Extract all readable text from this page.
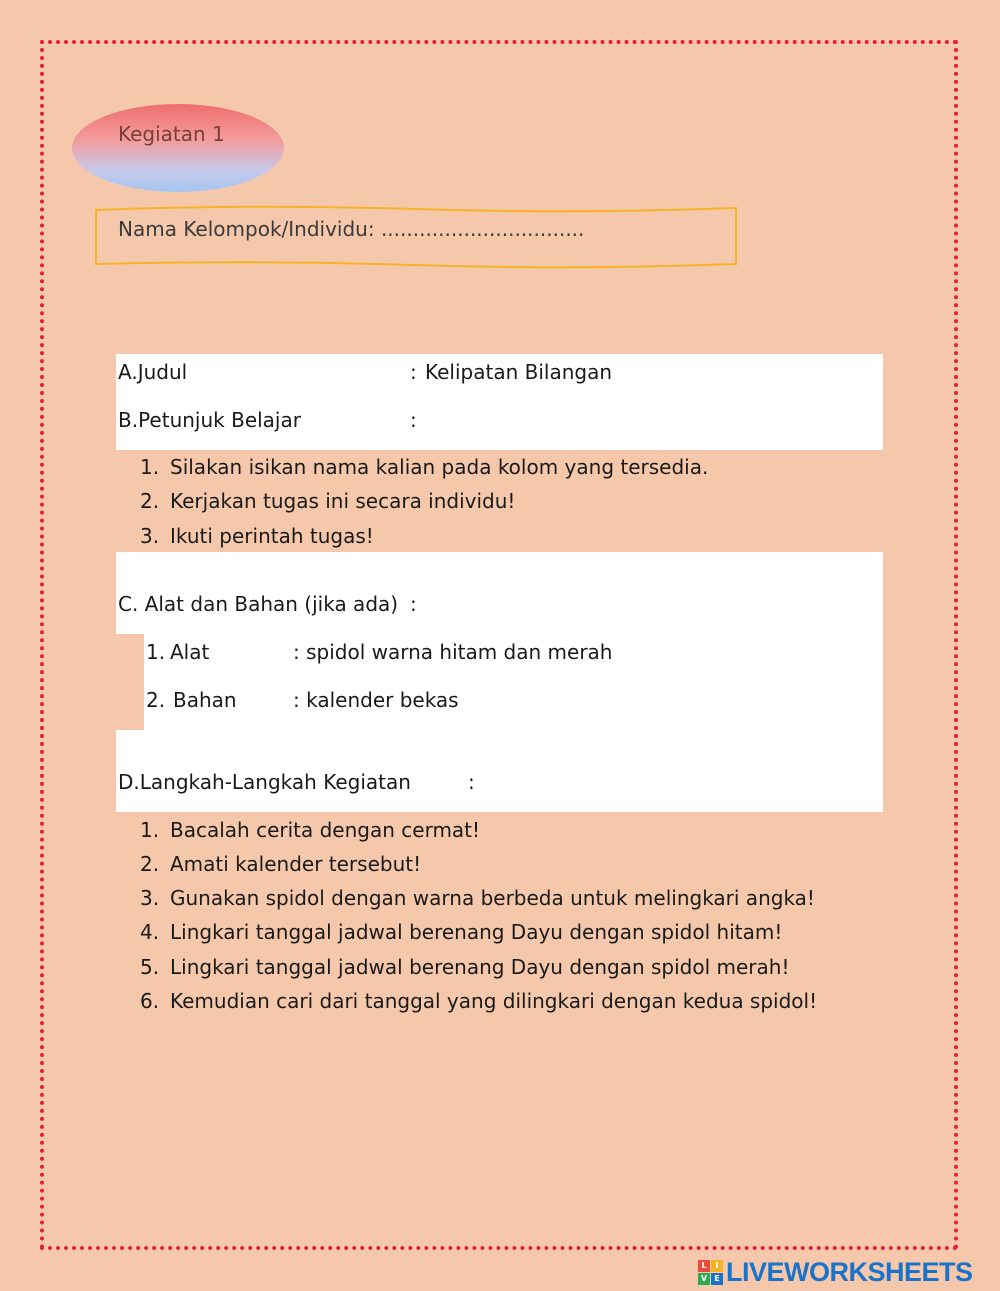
Kegiatan 1
Nama Kelompok/Individu: ................................
A.Judul	: Kelipatan Bilangan
B.Petunjuk Belajar	:
1. Silakan isikan nama kalian pada kolom yang tersedia.
2. Kerjakan tugas ini secara individu!
3. Ikuti perintah tugas!
C. Alat dan Bahan (jika ada) :
1. Alat	: spidol warna hitam dan merah
2. Bahan	: kalender bekas
D.Langkah-Langkah Kegiatan	:
1. Bacalah cerita dengan cermat!
2. Amati kalender tersebut!
3. Gunakan spidol dengan warna berbeda untuk melingkari angka!
4. Lingkari tanggal jadwal berenang Dayu dengan spidol hitam!
5. Lingkari tanggal jadwal berenang Dayu dengan spidol merah!
6. Kemudian cari dari tanggal yang dilingkari dengan kedua spidol!
L	I
V E LIVEWORKSHEETS
